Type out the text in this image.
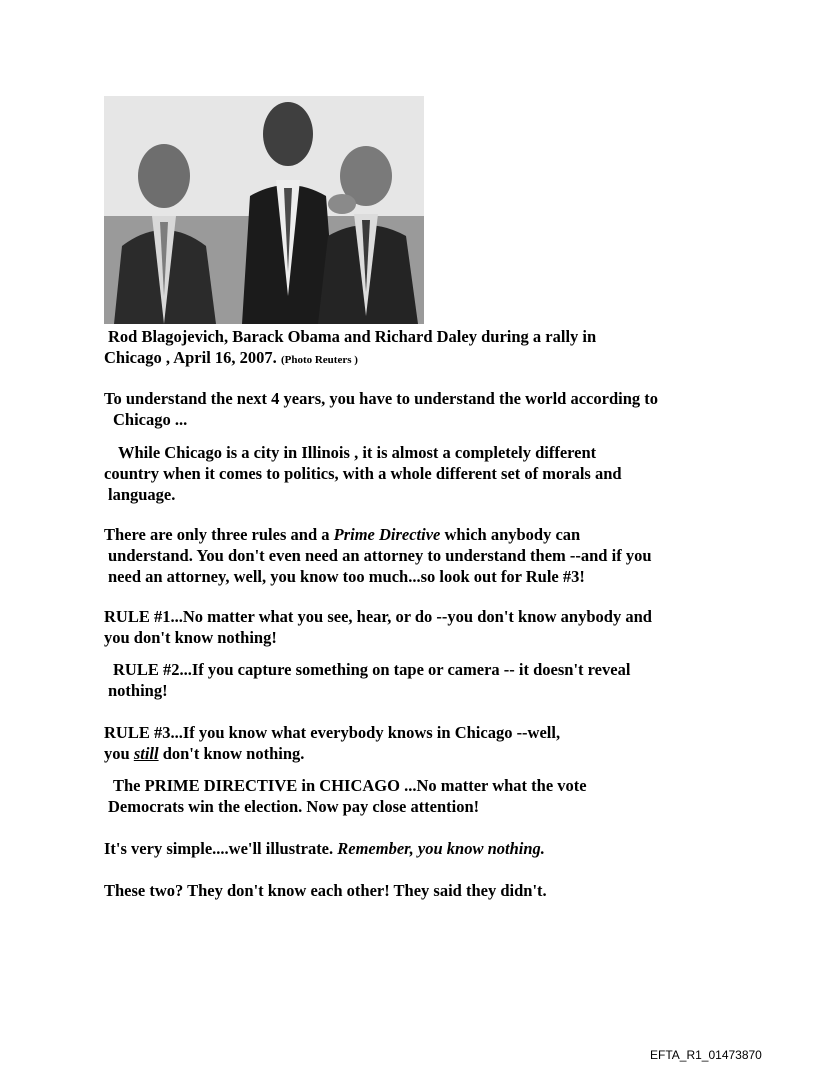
Rod Blagojevich, Barack Obama and Richard Daley during a rally in
Chicago , April 16, 2007. (Photo Reuters )
To understand the next 4 years, you have to understand the world according to
Chicago ...
While Chicago is a city in Illinois , it is almost a completely different
country when it comes to politics, with a whole different set of morals and
language.
There are only three rules and a Prime Directive which anybody can
understand. You don't even need an attorney to understand them --and if you
need an attorney, well, you know too much...so look out for Rule #3!
RULE #1...No matter what you see, hear, or do --you don't know anybody and
you don't know nothing!
RULE #2...If you capture something on tape or camera -- it doesn't reveal
nothing!
RULE #3...If you know what everybody knows in Chicago --well,
you still don't know nothing.
The PRIME DIRECTIVE in CHICAGO ...No matter what the vote
Democrats win the election. Now pay close attention!
It's very simple....we'll illustrate. Remember, you know nothing.
These two? They don't know each other! They said they didn't.
EFTA_R1_01473870
